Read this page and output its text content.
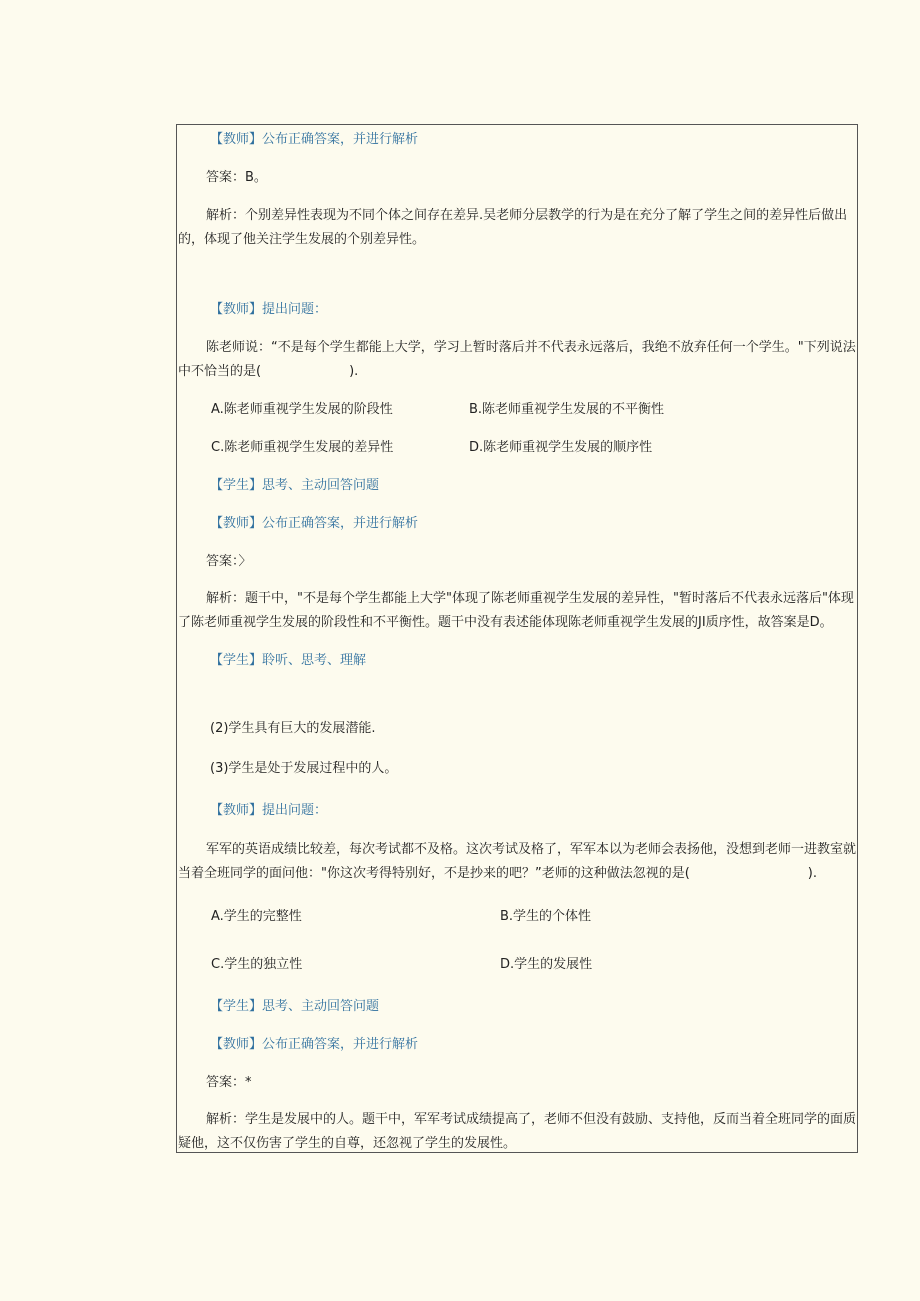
【教师】公布正确答案，并进行解析
答案：B。
解析：个别差异性表现为不同个体之间存在差异.吴老师分层教学的行为是在充分了解了学生之间的差异性后做出的，体现了他关注学生发展的个别差异性。
【教师】提出问题：
陈老师说：“不是每个学生都能上大学，学习上暂时落后并不代表永远落后，我绝不放弃任何一个学生。"下列说法中不恰当的是(	).
A.陈老师重视学生发展的阶段性	B.陈老师重视学生发展的不平衡性
C.陈老师重视学生发展的差异性	D.陈老师重视学生发展的顺序性
【学生】思考、主动回答问题
【教师】公布正确答案，并进行解析
答案：〉
解析：题干中，"不是每个学生都能上大学"体现了陈老师重视学生发展的差异性，"暂时落后不代表永远落后"体现了陈老师重视学生发展的阶段性和不平衡性。题干中没有表述能体现陈老师重视学生发展的JI质序性，故答案是D。
【学生】聆听、思考、理解
(2)学生具有巨大的发展潜能.
(3)学生是处于发展过程中的人。
【教师】提出问题：
军军的英语成绩比较差，每次考试都不及格。这次考试及格了，军军本以为老师会表扬他，没想到老师一进教室就当着全班同学的面问他："你这次考得特别好，不是抄来的吧？”老师的这种做法忽视的是(	).
A.学生的完整性	B.学生的个体性
C.学生的独立性	D.学生的发展性
【学生】思考、主动回答问题
【教师】公布正确答案，并进行解析
答案：*
解析：学生是发展中的人。题干中，军军考试成绩提高了，老师不但没有鼓励、支持他，反而当着全班同学的面质疑他，这不仅伤害了学生的自尊，还忽视了学生的发展性。
